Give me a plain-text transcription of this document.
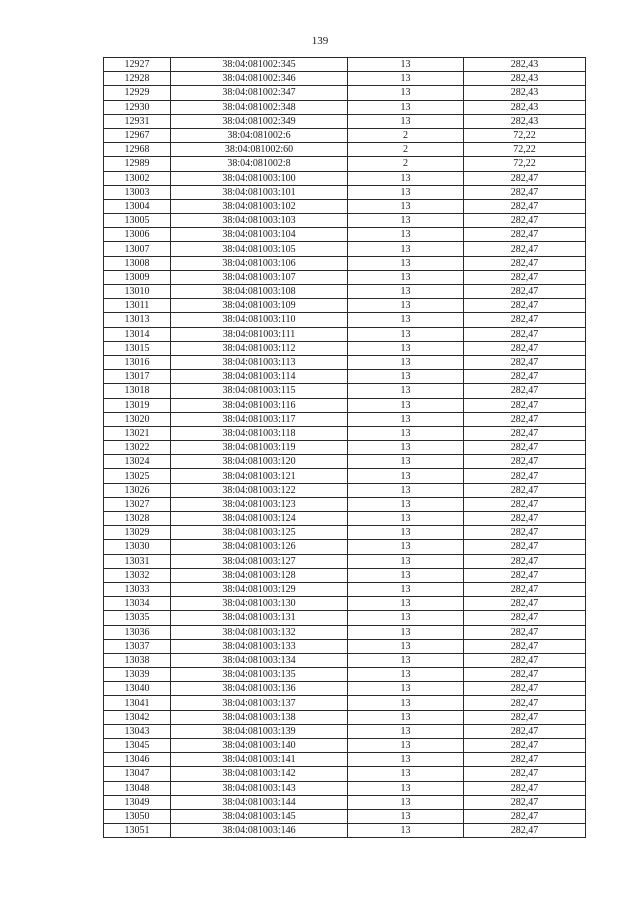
139
12927	38:04:081002:345	13	282,43
12928	38:04:081002:346	13	282,43
12929	38:04:081002:347	13	282,43
12930	38:04:081002:348	13	282,43
12931	38:04:081002:349	13	282,43
12967	38:04:081002:6	2	72,22
12968	38:04:081002:60	2	72,22
12989	38:04:081002:8	2	72,22
13002	38:04:081003:100	13	282,47
13003	38:04:081003:101	13	282,47
13004	38:04:081003:102	13	282,47
13005	38:04:081003:103	13	282,47
13006	38:04:081003:104	13	282,47
13007	38:04:081003:105	13	282,47
13008	38:04:081003:106	13	282,47
13009	38:04:081003:107	13	282,47
13010	38:04:081003:108	13	282,47
13011	38:04:081003:109	13	282,47
13013	38:04:081003:110	13	282,47
13014	38:04:081003:111	13	282,47
13015	38:04:081003:112	13	282,47
13016	38:04:081003:113	13	282,47
13017	38:04:081003:114	13	282,47
13018	38:04:081003:115	13	282,47
13019	38:04:081003:116	13	282,47
13020	38:04:081003:117	13	282,47
13021	38:04:081003:118	13	282,47
13022	38:04:081003:119	13	282,47
13024	38:04:081003:120	13	282,47
13025	38:04:081003:121	13	282,47
13026	38:04:081003:122	13	282,47
13027	38:04:081003:123	13	282,47
13028	38:04:081003:124	13	282,47
13029	38:04:081003:125	13	282,47
13030	38:04:081003:126	13	282,47
13031	38:04:081003:127	13	282,47
13032	38:04:081003:128	13	282,47
13033	38:04:081003:129	13	282,47
13034	38:04:081003:130	13	282,47
13035	38:04:081003:131	13	282,47
13036	38:04:081003:132	13	282,47
13037	38:04:081003:133	13	282,47
13038	38:04:081003:134	13	282,47
13039	38:04:081003:135	13	282,47
13040	38:04:081003:136	13	282,47
13041	38:04:081003:137	13	282,47
13042	38:04:081003:138	13	282,47
13043	38:04:081003:139	13	282,47
13045	38:04:081003:140	13	282,47
13046	38:04:081003:141	13	282,47
13047	38:04:081003:142	13	282,47
13048	38:04:081003:143	13	282,47
13049	38:04:081003:144	13	282,47
13050	38:04:081003:145	13	282,47
13051	38:04:081003:146	13	282,47
